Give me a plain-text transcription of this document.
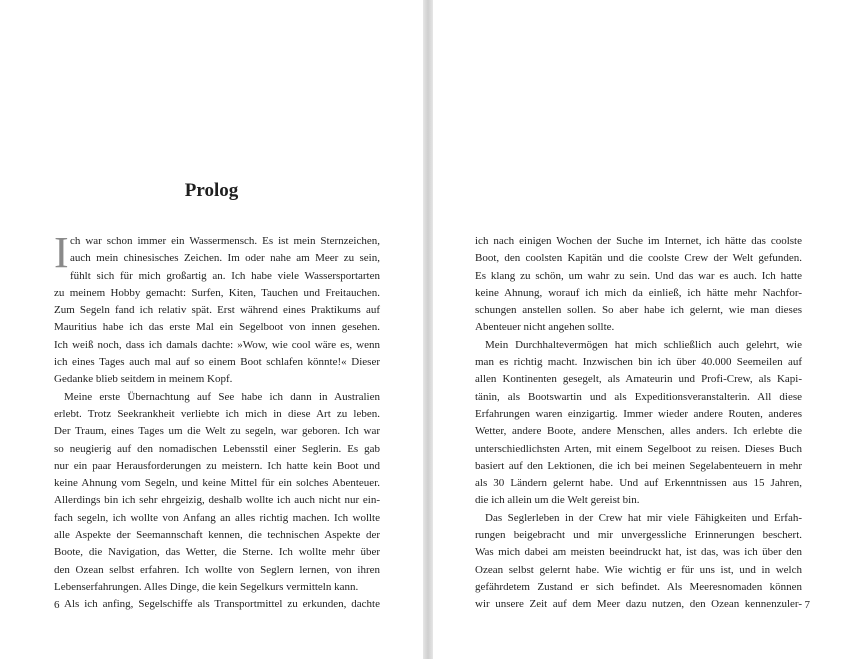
Prolog
I ch war schon immer ein Wassermensch. Es ist mein Sternzeichen,
auch mein chinesisches Zeichen. Im oder nahe am Meer zu sein,
fühlt sich für mich großartig an. Ich habe viele Wassersportarten
zu meinem Hobby gemacht: Surfen, Kiten, Tauchen und Freitauchen.
Zum Segeln fand ich relativ spät. Erst während eines Praktikums auf
Mauritius habe ich das erste Mal ein Segelboot von innen gesehen.
Ich weiß noch, dass ich damals dachte: »Wow, wie cool wäre es, wenn
ich eines Tages auch mal auf so einem Boot schlafen könnte!« Dieser
Gedanke blieb seitdem in meinem Kopf.
Meine erste Übernachtung auf See habe ich dann in Australien
erlebt. Trotz Seekrankheit verliebte ich mich in diese Art zu leben.
Der Traum, eines Tages um die Welt zu segeln, war geboren. Ich war
so neugierig auf den nomadischen Lebensstil einer Seglerin. Es gab
nur ein paar Herausforderungen zu meistern. Ich hatte kein Boot und
keine Ahnung vom Segeln, und keine Mittel für ein solches Abenteuer.
Allerdings bin ich sehr ehrgeizig, deshalb wollte ich auch nicht nur ein-
fach segeln, ich wollte von Anfang an alles richtig machen. Ich wollte
alle Aspekte der Seemannschaft kennen, die technischen Aspekte der
Boote, die Navigation, das Wetter, die Sterne. Ich wollte mehr über
den Ozean selbst erfahren. Ich wollte von Seglern lernen, von ihren
Lebenserfahrungen. Alles Dinge, die kein Segelkurs vermitteln kann.
Als ich anfing, Segelschiffe als Transportmittel zu erkunden, dachte
6
ich nach einigen Wochen der Suche im Internet, ich hätte das coolste
Boot, den coolsten Kapitän und die coolste Crew der Welt gefunden.
Es klang zu schön, um wahr zu sein. Und das war es auch. Ich hatte
keine Ahnung, worauf ich mich da einließ, ich hätte mehr Nachfor-
schungen anstellen sollen. So aber habe ich gelernt, wie man dieses
Abenteuer nicht angehen sollte.
Mein Durchhaltevermögen hat mich schließlich auch gelehrt, wie
man es richtig macht. Inzwischen bin ich über 40.000 Seemeilen auf
allen Kontinenten gesegelt, als Amateurin und Profi-Crew, als Kapi-
tänin, als Bootswartin und als Expeditionsveranstalterin. All diese
Erfahrungen waren einzigartig. Immer wieder andere Routen, anderes
Wetter, andere Boote, andere Menschen, alles anders. Ich erlebte die
unterschiedlichsten Arten, mit einem Segelboot zu reisen. Dieses Buch
basiert auf den Lektionen, die ich bei meinen Segelabenteuern in mehr
als 30 Ländern gelernt habe. Und auf Erkenntnissen aus 15 Jahren,
die ich allein um die Welt gereist bin.
Das Seglerleben in der Crew hat mir viele Fähigkeiten und Erfah-
rungen beigebracht und mir unvergessliche Erinnerungen beschert.
Was mich dabei am meisten beeindruckt hat, ist das, was ich über den
Ozean selbst gelernt habe. Wie wichtig er für uns ist, und in welch
gefährdetem Zustand er sich befindet. Als Meeresnomaden können
wir unsere Zeit auf dem Meer dazu nutzen, den Ozean kennenzuler- 7
